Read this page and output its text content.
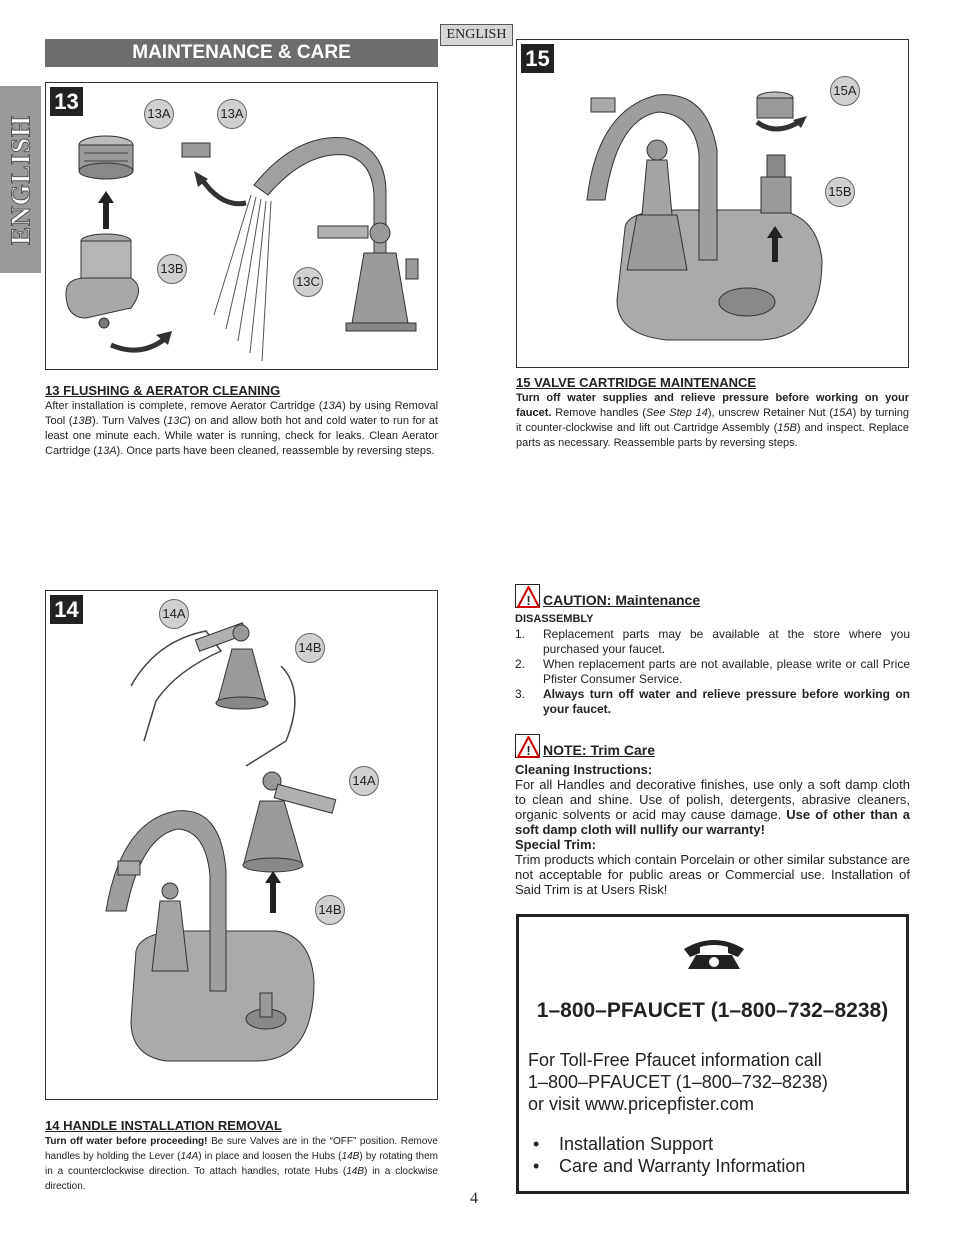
ENGLISH
ENGLISH
MAINTENANCE & CARE
13	13A	13A
13B
13C
13 FLUSHING & AERATOR CLEANING

After installation is complete, remove Aerator Cartridge (13A) by using Removal Tool (13B). Turn Valves (13C) on and allow both hot and cold water to run for at least one minute each. While water is running, check for leaks. Clean Aerator Cartridge (13A). Once parts have been cleaned, reassemble by reversing steps.

15
15A
15B
15 VALVE CARTRIDGE MAINTENANCE

Turn off water supplies and relieve pressure before working on your faucet. Remove handles (See Step 14), unscrew Retainer Nut (15A) by turning it counter-clockwise and lift out Cartridge Assembly (15B) and inspect. Replace parts as necessary. Reassemble parts by reversing steps.

14	14A
14B
14A
14B
14 HANDLE INSTALLATION REMOVAL

Turn off water before proceeding! Be sure Valves are in the “OFF” position. Remove handles by holding the Lever (14A) in place and loosen the Hubs (14B) by rotating them in a counterclockwise direction. To attach handles, rotate Hubs (14B) in a clockwise direction.

! CAUTION: Maintenance
DISASSEMBLY
1.	Replacement parts may be available at the store where you purchased your faucet.
2.	When replacement parts are not available, please write or call Price Pfister Consumer Service.
3.	Always turn off water and relieve pressure before working on your faucet.
! NOTE: Trim Care
Cleaning Instructions:

For all Handles and decorative finishes, use only a soft damp cloth to clean and shine. Use of polish, detergents, abrasive cleaners, organic solvents or acid may cause damage. Use of other than a soft damp cloth will nullify our warranty!

Special Trim:

Trim products which contain Porcelain or other similar substance are not acceptable for public areas or Commercial use. Installation of Said Trim is at Users Risk!

1–800–PFAUCET (1–800–732–8238)
For Toll-Free Pfaucet information call
1–800–PFAUCET (1–800–732–8238)
or visit www.pricepfister.com
• Installation Support
• Care and Warranty Information
4
